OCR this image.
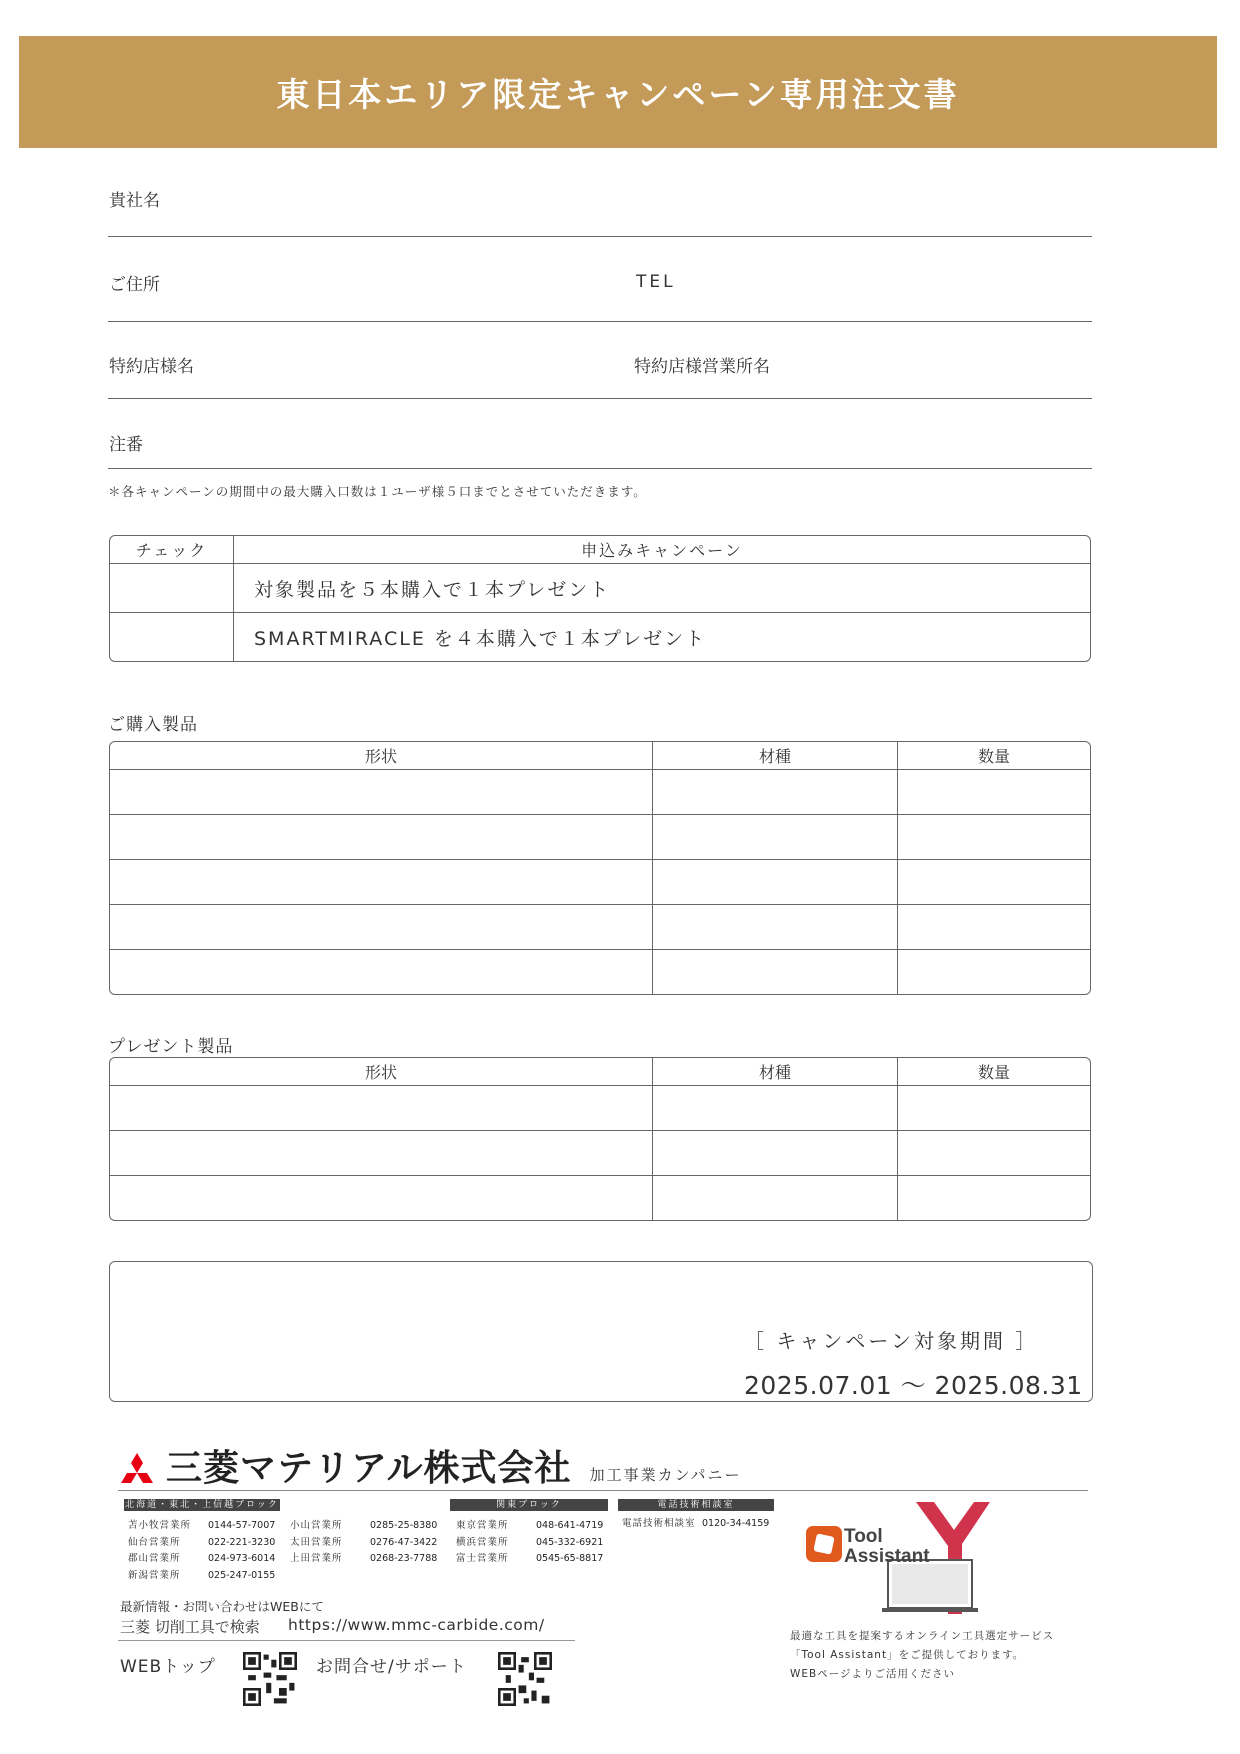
東日本エリア限定キャンペーン専用注文書
貴社名
ご住所	TEL
特約店様名	特約店様営業所名
注番
＊各キャンペーンの期間中の最大購入口数は１ユーザ様５口までとさせていただきます。
チェック	申込みキャンペーン
	対象製品を５本購入で１本プレゼント
	SMARTMIRACLE を４本購入で１本プレゼント
ご購入製品
形状	材種	数量

プレゼント製品
形状	材種	数量

［ キャンペーン対象期間 ］
2025.07.01 ～ 2025.08.31
三菱マテリアル株式会社 加工事業カンパニー
北海道・東北・上信越ブロック	関東ブロック	電話技術相談室
苫小牧営業所 0144-57-7007
仙台営業所	022-221-3230
郡山営業所	024-973-6014
新潟営業所	025-247-0155
小山営業所	0285-25-8380
太田営業所	0276-47-3422
上田営業所	0268-23-7788
東京営業所	048-641-4719
横浜営業所	045-332-6921
富士営業所	0545-65-8817
電話技術相談室 0120-34-4159
最新情報・お問い合わせはWEBにて
三菱 切削工具で検索 https://www.mmc-carbide.com/
WEBトップ	お問合せ/サポート
Tool
Assistant
最適な工具を提案するオンライン工具選定サービス
「Tool Assistant」をご提供しております。
WEBページよりご活用ください
